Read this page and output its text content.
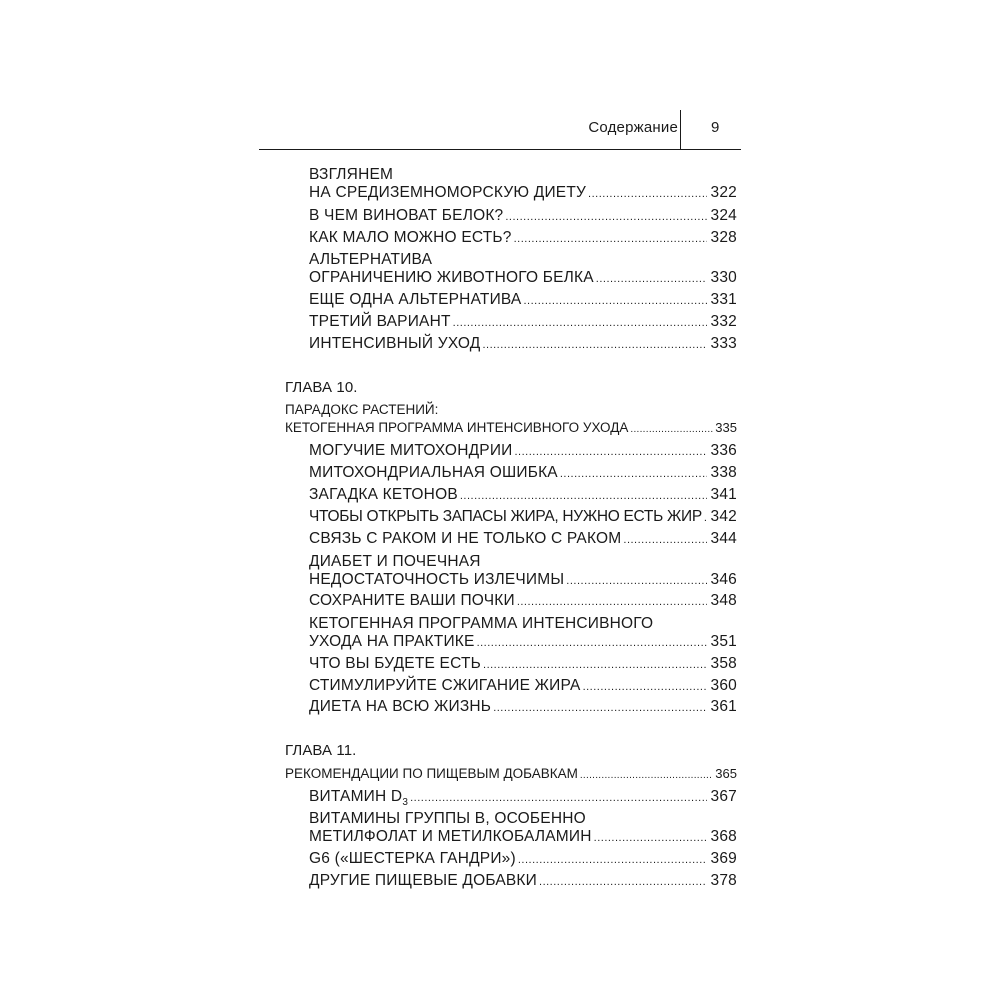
Содержание 9
ВЗГЛЯНЕМ
НА СРЕДИЗЕМНОМОРСКУЮ ДИЕТУ .....	322
В ЧЕМ ВИНОВАТ БЕЛОК? .....	324
КАК МАЛО МОЖНО ЕСТЬ? .....	328
АЛЬТЕРНАТИВА
ОГРАНИЧЕНИЮ ЖИВОТНОГО БЕЛКА .....	330
ЕЩЕ ОДНА АЛЬТЕРНАТИВА .....	331
ТРЕТИЙ ВАРИАНТ .....	332
ИНТЕНСИВНЫЙ УХОД .....	333
ГЛАВА 10.
ПАРАДОКС РАСТЕНИЙ:
КЕТОГЕННАЯ ПРОГРАММА ИНТЕНСИВНОГО УХОДА .....	335
МОГУЧИЕ МИТОХОНДРИИ .....	336
МИТОХОНДРИАЛЬНАЯ ОШИБКА .....	338
ЗАГАДКА КЕТОНОВ .....	341
ЧТОБЫ ОТКРЫТЬ ЗАПАСЫ ЖИРА, НУЖНО ЕСТЬ ЖИР ..... 342
СВЯЗЬ С РАКОМ И НЕ ТОЛЬКО С РАКОМ .....	344
ДИАБЕТ И ПОЧЕЧНАЯ
НЕДОСТАТОЧНОСТЬ ИЗЛЕЧИМЫ .....	346
СОХРАНИТЕ ВАШИ ПОЧКИ .....	348
КЕТОГЕННАЯ ПРОГРАММА ИНТЕНСИВНОГО
УХОДА НА ПРАКТИКЕ .....	351
ЧТО ВЫ БУДЕТЕ ЕСТЬ .....	358
СТИМУЛИРУЙТЕ СЖИГАНИЕ ЖИРА .....	360
ДИЕТА НА ВСЮ ЖИЗНЬ .....	361
ГЛАВА 11.
РЕКОМЕНДАЦИИ ПО ПИЩЕВЫМ ДОБАВКАМ .....	365
ВИТАМИН $D_3$ .....	367
ВИТАМИНЫ ГРУППЫ В, ОСОБЕННО
МЕТИЛФОЛАТ И МЕТИЛКОБАЛАМИН .....	368
G6 («ШЕСТЕРКА ГАНДРИ») .....	369
ДРУГИЕ ПИЩЕВЫЕ ДОБАВКИ .....	378
